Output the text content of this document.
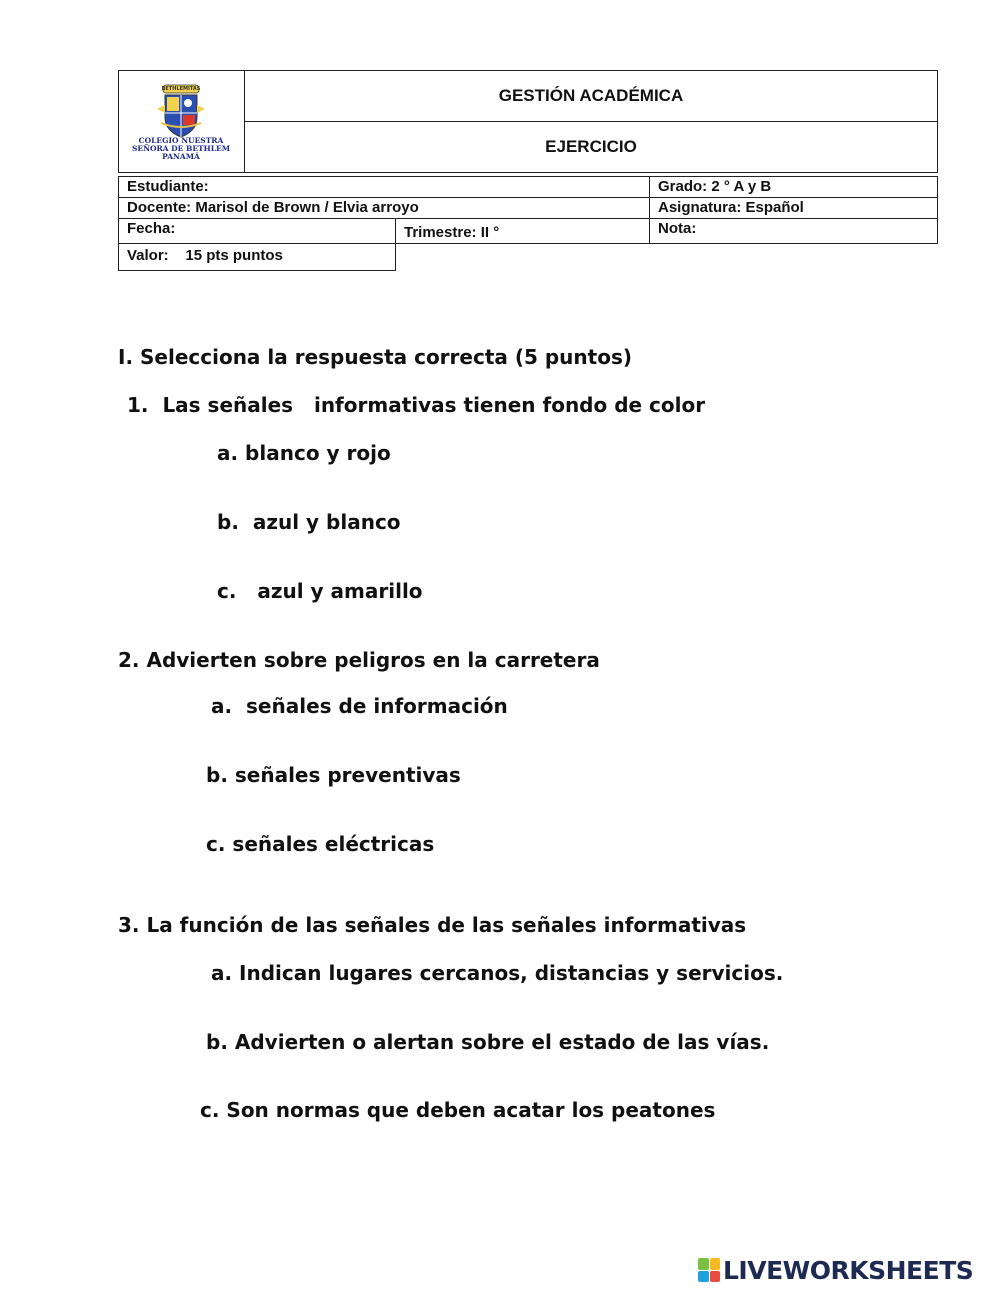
BETHLEMITAS
COLEGIO NUESTRA
SEÑORA DE BETHLEM
PANAMÁ
GESTIÓN ACADÉMICA
EJERCICIO
Estudiante:	Grado: 2 ° A y B
Docente: Marisol de Brown / Elvia arroyo	Asignatura: Español
Fecha:	Trimestre: II °	Nota:
Valor:    15 pts puntos
I. Selecciona la respuesta correcta (5 puntos)
1.  Las señales   informativas tienen fondo de color
a. blanco y rojo
b.  azul y blanco
c.   azul y amarillo
2. Advierten sobre peligros en la carretera
a.  señales de información
b. señales preventivas
c. señales eléctricas
3. La función de las señales de las señales informativas
a. Indican lugares cercanos, distancias y servicios.
b. Advierten o alertan sobre el estado de las vías.
c. Son normas que deben acatar los peatones
LIVEWORKSHEETS
